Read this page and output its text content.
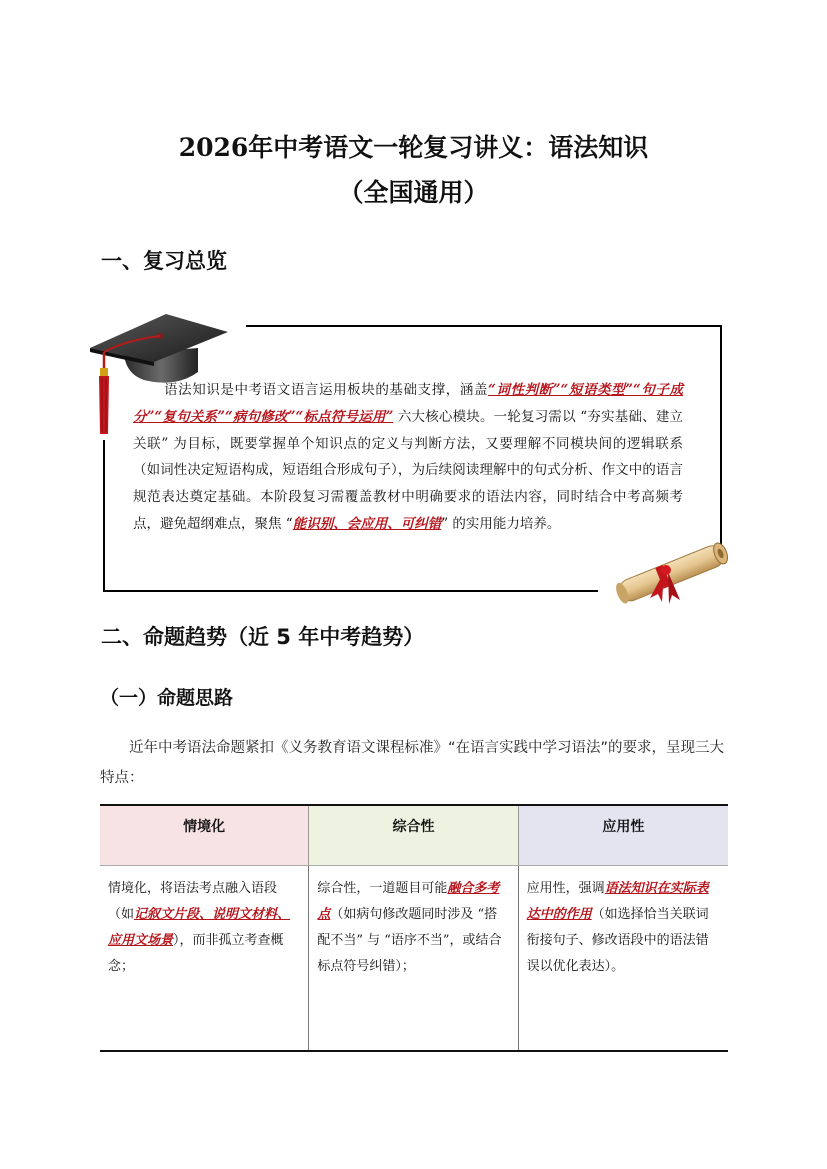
2026年中考语文一轮复习讲义：语法知识
（全国通用）
一、复习总览

语法知识是中考语文语言运用板块的基础支撑，涵盖“词性判断”“短语类型”“句子成分”“复句关系”“病句修改”“标点符号运用” 六大核心模块。一轮复习需以 “夯实基础、建立关联” 为目标，既要掌握单个知识点的定义与判断方法，又要理解不同模块间的逻辑联系（如词性决定短语构成，短语组合形成句子），为后续阅读理解中的句式分析、作文中的语言规范表达奠定基础。本阶段复习需覆盖教材中明确要求的语法内容，同时结合中考高频考点，避免超纲难点，聚焦 “能识别、会应用、可纠错” 的实用能力培养。

二、命题趋势（近 5 年中考趋势）
（一）命题思路

近年中考语法命题紧扣《义务教育语文课程标准》“在语言实践中学习语法”的要求，呈现三大特点：

情境化	综合性	应用性
情境化，将语法考点融入语段（如记叙文片段、说明文材料、应用文场景），而非孤立考查概念；	综合性，一道题目可能融合多考点（如病句修改题同时涉及 “搭配不当” 与 “语序不当”，或结合标点符号纠错）；	应用性，强调语法知识在实际表达中的作用（如选择恰当关联词衔接句子、修改语段中的语法错误以优化表达）。
